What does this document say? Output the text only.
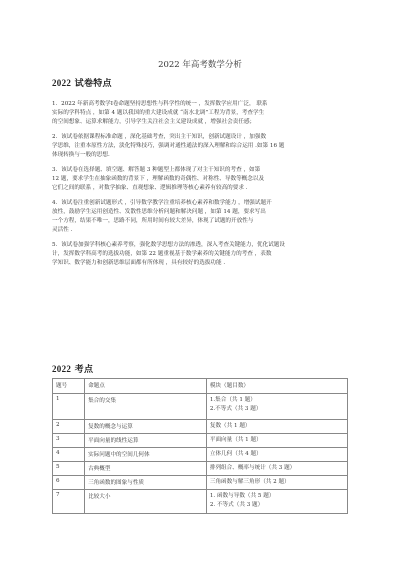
2022 年高考数学分析
2022 试卷特点

1．2022 年新高考数学Ⅰ卷命题坚持思想性与科学性的统一 ，发挥数学应用广泛， 联系
实际的学科特点 ，如第 4 题以我国的重大建设成就 “南水北调”工程为背景，考查学生
的空间想象、运算求解能力，引导学生关注社会主义建设成就 ，增强社会责任感；

2．该试卷依据课程标准命题 ，深化基础考查，突出主干知识，创新试题设计 ，加强数
学思维，注重本原性方法，淡化特殊技巧，强调对通性通法的深入理解和综合运用 .如第 16 题
体现转换与一般的思想.

3．该试卷在选择题、填空题、解答题 3 种题型上都体现了对主干知识的考查 ，如第
12 题，要求学生在抽象函数的背景下 ，理解函数的奇偶性、对称性、导数等概念以及
它们之间的联系 ，对数学抽象、直观想象、逻辑推理等核心素养有较高的要求 .

4．该试卷注重创新试题形式 ，引导数学教学注重培养核心素养和数学能力 ，增强试题开
放性，鼓励学生运用创造性、发散性思维分析问题和解决问题 ，如第 14 题，要求写出
一个方程，结果不唯一，思路不同，所用时间有较大差异，体现了试题的开放性与
灵活性 .

5．该试卷加强学科核心素养考察，强化数学思想方法的渗透，深入考查关键能力，优化试题设
计，发挥数学科高考的选拔功能，如第 22 题重视基于数学素养的关键能力的考查 ，表数
学知识、数学能力和创新思维层面都有所体现 ，具有较好的选拔功能 .

2022 考点
题号	命题点	模块（题目数）
1	集合的交集	1.集合（共 1 题）
2.不等式（共 3 题）

2	复数的概念与运算	复数（共 1 题）

3	平面向量的线性运算	平面向量（共 1 题）

4	实际问题中的空间几何体	立体几何（共 4 题）

5	古典概型	排列组合、概率与统计（共 3 题）

6	三角函数的图象与性质	三角函数与解三角形（共 2 题）

7	比较大小	1. 函数与导数（共 5 题）
2. 不等式（共 3 题）
